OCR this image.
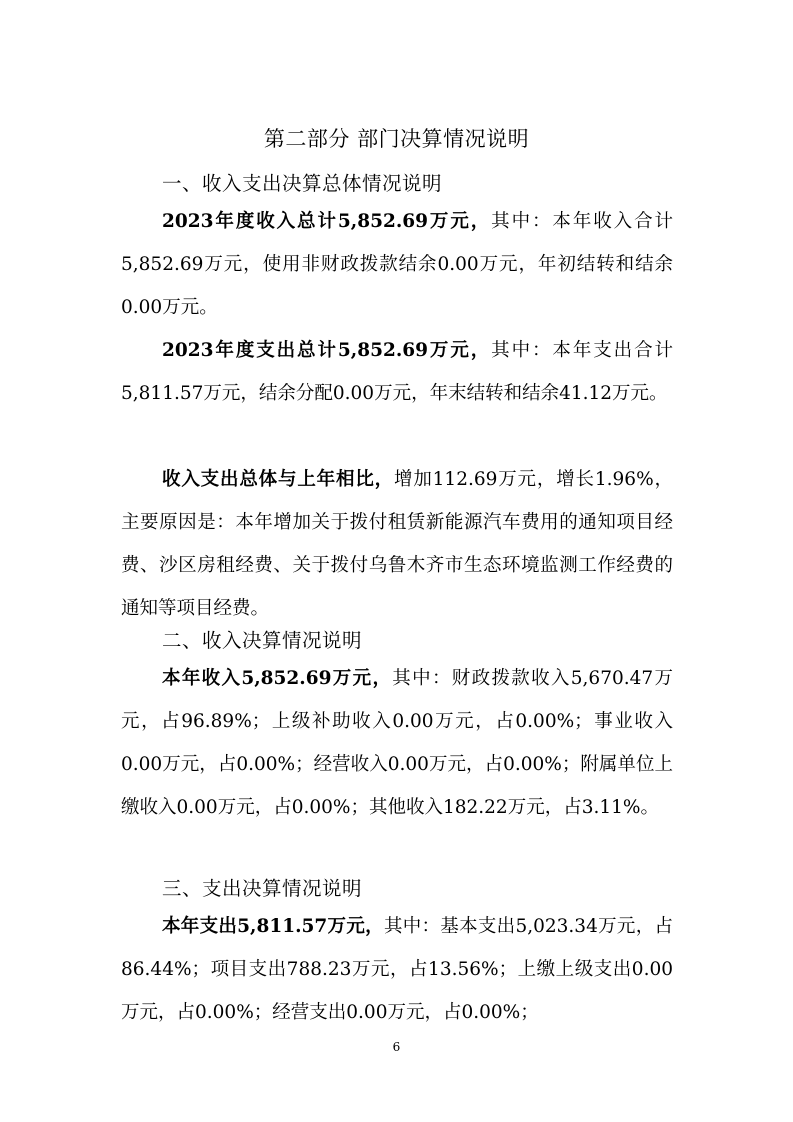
第二部分 部门决算情况说明
一、收入支出决算总体情况说明

2023年度收入总计5,852.69万元，其中：本年收入合计5,852.69万元，使用非财政拨款结余0.00万元，年初结转和结余0.00万元。

2023年度支出总计5,852.69万元，其中：本年支出合计5,811.57万元，结余分配0.00万元，年末结转和结余41.12万元。

收入支出总体与上年相比，增加112.69万元，增长1.96%，主要原因是：本年增加关于拨付租赁新能源汽车费用的通知项目经费、沙区房租经费、关于拨付乌鲁木齐市生态环境监测工作经费的通知等项目经费。

二、收入决算情况说明

本年收入5,852.69万元，其中：财政拨款收入5,670.47万元，占96.89%；上级补助收入0.00万元，占0.00%；事业收入0.00万元，占0.00%；经营收入0.00万元，占0.00%；附属单位上缴收入0.00万元，占0.00%；其他收入182.22万元，占3.11%。

三、支出决算情况说明

本年支出5,811.57万元，其中：基本支出5,023.34万元，占86.44%；项目支出788.23万元，占13.56%；上缴上级支出0.00万元，占0.00%；经营支出0.00万元，占0.00%；

6
